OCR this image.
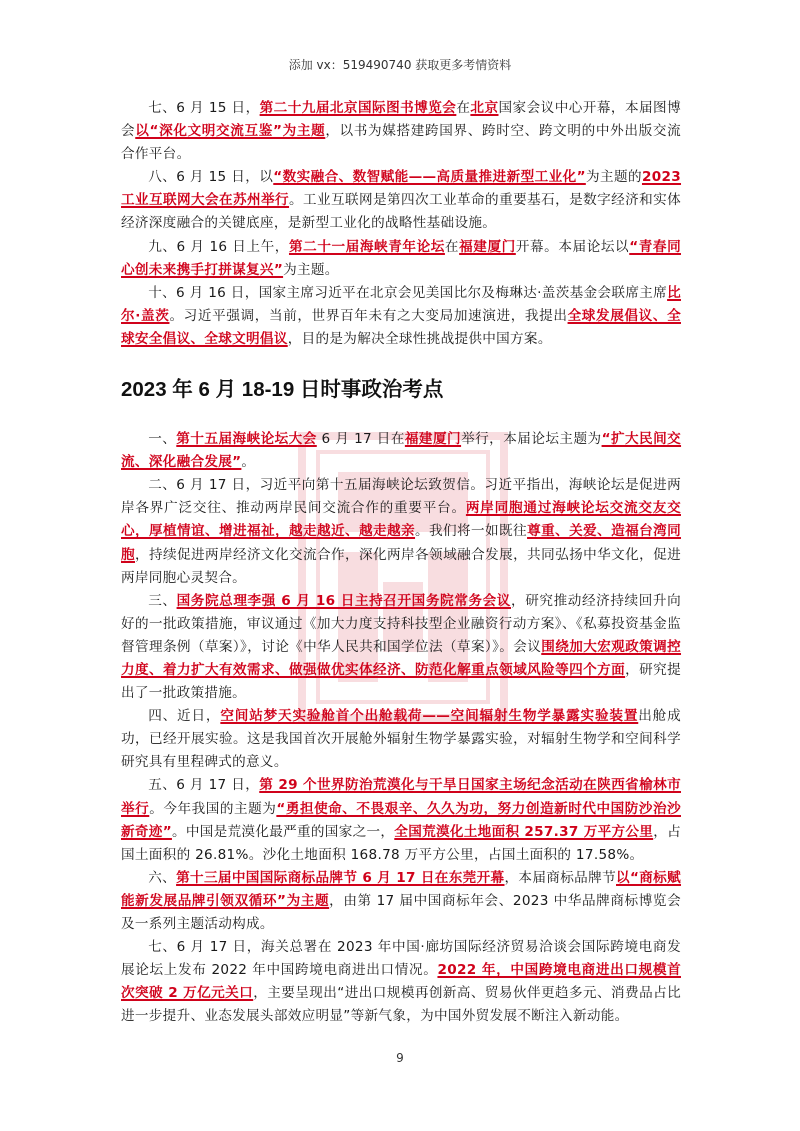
添加 vx：519490740 获取更多考情资料

七、6 月 15 日，第二十九届北京国际图书博览会在北京国家会议中心开幕，本届图博会以“深化文明交流互鉴”为主题，以书为媒搭建跨国界、跨时空、跨文明的中外出版交流合作平台。

八、6 月 15 日，以“数实融合、数智赋能——高质量推进新型工业化”为主题的2023 工业互联网大会在苏州举行。工业互联网是第四次工业革命的重要基石，是数字经济和实体经济深度融合的关键底座，是新型工业化的战略性基础设施。

九、6 月 16 日上午，第二十一届海峡青年论坛在福建厦门开幕。本届论坛以“青春同心创未来携手打拼谋复兴”为主题。

十、6 月 16 日，国家主席习近平在北京会见美国比尔及梅琳达·盖茨基金会联席主席比尔·盖茨。习近平强调，当前，世界百年未有之大变局加速演进，我提出全球发展倡议、全球安全倡议、全球文明倡议，目的是为解决全球性挑战提供中国方案。

2023 年 6 月 18-19 日时事政治考点

一、第十五届海峡论坛大会 6 月 17 日在福建厦门举行，本届论坛主题为“扩大民间交流、深化融合发展”。

二、6 月 17 日，习近平向第十五届海峡论坛致贺信。习近平指出，海峡论坛是促进两岸各界广泛交往、推动两岸民间交流合作的重要平台。两岸同胞通过海峡论坛交流交友交心，厚植情谊、增进福祉，越走越近、越走越亲。我们将一如既往尊重、关爱、造福台湾同胞，持续促进两岸经济文化交流合作，深化两岸各领域融合发展，共同弘扬中华文化，促进两岸同胞心灵契合。

三、国务院总理李强 6 月 16 日主持召开国务院常务会议，研究推动经济持续回升向好的一批政策措施，审议通过《加大力度支持科技型企业融资行动方案》、《私募投资基金监督管理条例（草案）》，讨论《中华人民共和国学位法（草案）》。会议围绕加大宏观政策调控力度、着力扩大有效需求、做强做优实体经济、防范化解重点领域风险等四个方面，研究提出了一批政策措施。

四、近日，空间站梦天实验舱首个出舱载荷——空间辐射生物学暴露实验装置出舱成功，已经开展实验。这是我国首次开展舱外辐射生物学暴露实验，对辐射生物学和空间科学研究具有里程碑式的意义。

五、6 月 17 日，第 29 个世界防治荒漠化与干旱日国家主场纪念活动在陕西省榆林市举行。今年我国的主题为“勇担使命、不畏艰辛、久久为功，努力创造新时代中国防沙治沙新奇迹”。中国是荒漠化最严重的国家之一，全国荒漠化土地面积 257.37 万平方公里，占国土面积的 26.81%。沙化土地面积 168.78 万平方公里，占国土面积的 17.58%。

六、第十三届中国国际商标品牌节 6 月 17 日在东莞开幕，本届商标品牌节以“商标赋能新发展品牌引领双循环”为主题，由第 17 届中国商标年会、2023 中华品牌商标博览会及一系列主题活动构成。

七、6 月 17 日，海关总署在 2023 年中国·廊坊国际经济贸易洽谈会国际跨境电商发展论坛上发布 2022 年中国跨境电商进出口情况。2022 年，中国跨境电商进出口规模首次突破 2 万亿元关口，主要呈现出“进出口规模再创新高、贸易伙伴更趋多元、消费品占比进一步提升、业态发展头部效应明显”等新气象，为中国外贸发展不断注入新动能。

9
